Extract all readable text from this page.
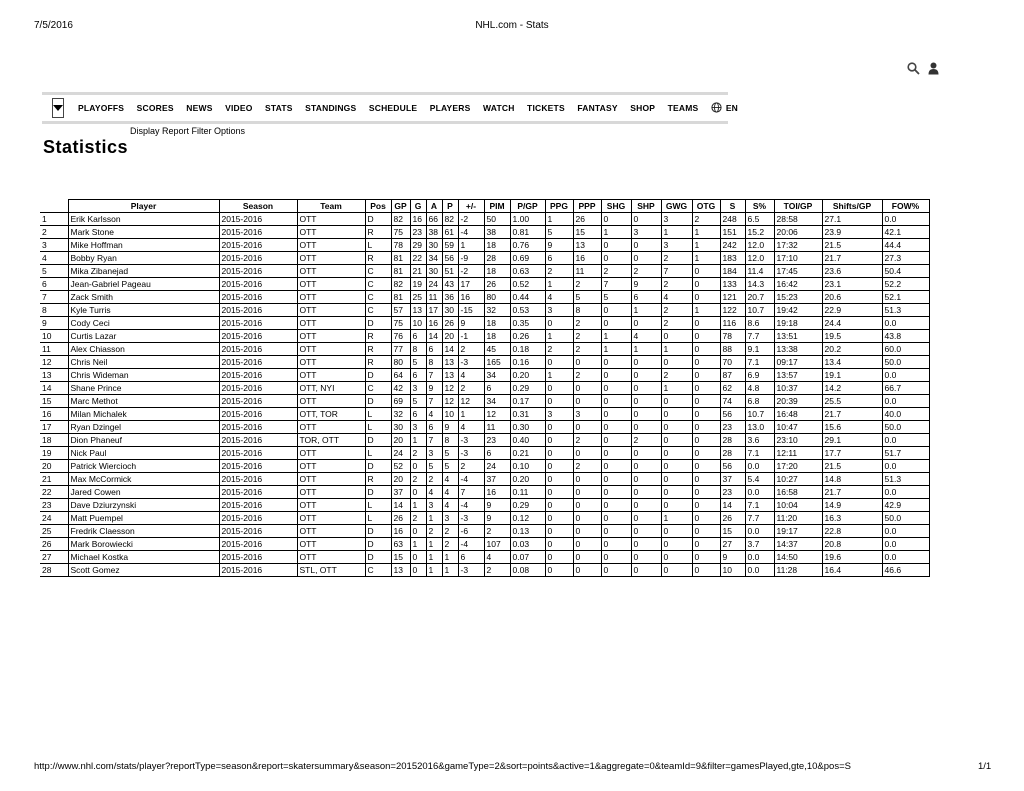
7/5/2016	NHL.com - Stats
PLAYOFFS SCORES NEWS VIDEO STATS STANDINGS SCHEDULE PLAYERS WATCH TICKETS FANTASY SHOP TEAMS	EN
Display Report Filter Options
Statistics
	Player	Season	Team	Pos	GP	G	A	P	+/-	PIM	P/GP	PPG	PPP	SHG	SHP	GWG	OTG	S	S%	TOI/GP	Shifts/GP	FOW%
1	Erik Karlsson	2015-2016	OTT	D	82	16	66	82	-2	50	1.00	1	26	0	0	3	2	248	6.5	28:58	27.1	0.0
2	Mark Stone	2015-2016	OTT	R	75	23	38	61	-4	38	0.81	5	15	1	3	1	1	151	15.2	20:06	23.9	42.1
3	Mike Hoffman	2015-2016	OTT	L	78	29	30	59	1	18	0.76	9	13	0	0	3	1	242	12.0	17:32	21.5	44.4
4	Bobby Ryan	2015-2016	OTT	R	81	22	34	56	-9	28	0.69	6	16	0	0	2	1	183	12.0	17:10	21.7	27.3
5	Mika Zibanejad	2015-2016	OTT	C	81	21	30	51	-2	18	0.63	2	11	2	2	7	0	184	11.4	17:45	23.6	50.4
6	Jean-Gabriel Pageau	2015-2016	OTT	C	82	19	24	43	17	26	0.52	1	2	7	9	2	0	133	14.3	16:42	23.1	52.2
7	Zack Smith	2015-2016	OTT	C	81	25	11	36	16	80	0.44	4	5	5	6	4	0	121	20.7	15:23	20.6	52.1
8	Kyle Turris	2015-2016	OTT	C	57	13	17	30	-15	32	0.53	3	8	0	1	2	1	122	10.7	19:42	22.9	51.3
9	Cody Ceci	2015-2016	OTT	D	75	10	16	26	9	18	0.35	0	2	0	0	2	0	116	8.6	19:18	24.4	0.0
10	Curtis Lazar	2015-2016	OTT	R	76	6	14	20	-1	18	0.26	1	2	1	4	0	0	78	7.7	13:51	19.5	43.8
11	Alex Chiasson	2015-2016	OTT	R	77	8	6	14	2	45	0.18	2	2	1	1	1	0	88	9.1	13:38	20.2	60.0
12	Chris Neil	2015-2016	OTT	R	80	5	8	13	-3	165	0.16	0	0	0	0	0	0	70	7.1	09:17	13.4	50.0
13	Chris Wideman	2015-2016	OTT	D	64	6	7	13	4	34	0.20	1	2	0	0	2	0	87	6.9	13:57	19.1	0.0
14	Shane Prince	2015-2016	OTT, NYI	C	42	3	9	12	2	6	0.29	0	0	0	0	1	0	62	4.8	10:37	14.2	66.7
15	Marc Methot	2015-2016	OTT	D	69	5	7	12	12	34	0.17	0	0	0	0	0	0	74	6.8	20:39	25.5	0.0
16	Milan Michalek	2015-2016	OTT, TOR	L	32	6	4	10	1	12	0.31	3	3	0	0	0	0	56	10.7	16:48	21.7	40.0
17	Ryan Dzingel	2015-2016	OTT	L	30	3	6	9	4	11	0.30	0	0	0	0	0	0	23	13.0	10:47	15.6	50.0
18	Dion Phaneuf	2015-2016	TOR, OTT	D	20	1	7	8	-3	23	0.40	0	2	0	2	0	0	28	3.6	23:10	29.1	0.0
19	Nick Paul	2015-2016	OTT	L	24	2	3	5	-3	6	0.21	0	0	0	0	0	0	28	7.1	12:11	17.7	51.7
20	Patrick Wiercioch	2015-2016	OTT	D	52	0	5	5	2	24	0.10	0	2	0	0	0	0	56	0.0	17:20	21.5	0.0
21	Max McCormick	2015-2016	OTT	R	20	2	2	4	-4	37	0.20	0	0	0	0	0	0	37	5.4	10:27	14.8	51.3
22	Jared Cowen	2015-2016	OTT	D	37	0	4	4	7	16	0.11	0	0	0	0	0	0	23	0.0	16:58	21.7	0.0
23	Dave Dziurzynski	2015-2016	OTT	L	14	1	3	4	-4	9	0.29	0	0	0	0	0	0	14	7.1	10:04	14.9	42.9
24	Matt Puempel	2015-2016	OTT	L	26	2	1	3	-3	9	0.12	0	0	0	0	1	0	26	7.7	11:20	16.3	50.0
25	Fredrik Claesson	2015-2016	OTT	D	16	0	2	2	-6	2	0.13	0	0	0	0	0	0	15	0.0	19:17	22.8	0.0
26	Mark Borowiecki	2015-2016	OTT	D	63	1	1	2	-4	107	0.03	0	0	0	0	0	0	27	3.7	14:37	20.8	0.0
27	Michael Kostka	2015-2016	OTT	D	15	0	1	1	6	4	0.07	0	0	0	0	0	0	9	0.0	14:50	19.6	0.0
28	Scott Gomez	2015-2016	STL, OTT	C	13	0	1	1	-3	2	0.08	0	0	0	0	0	0	10	0.0	11:28	16.4	46.6
http://www.nhl.com/stats/player?reportType=season&report=skatersummary&season=20152016&gameType=2&sort=points&active=1&aggregate=0&teamId=9&filter=gamesPlayed,gte,10&pos=S	1/1
